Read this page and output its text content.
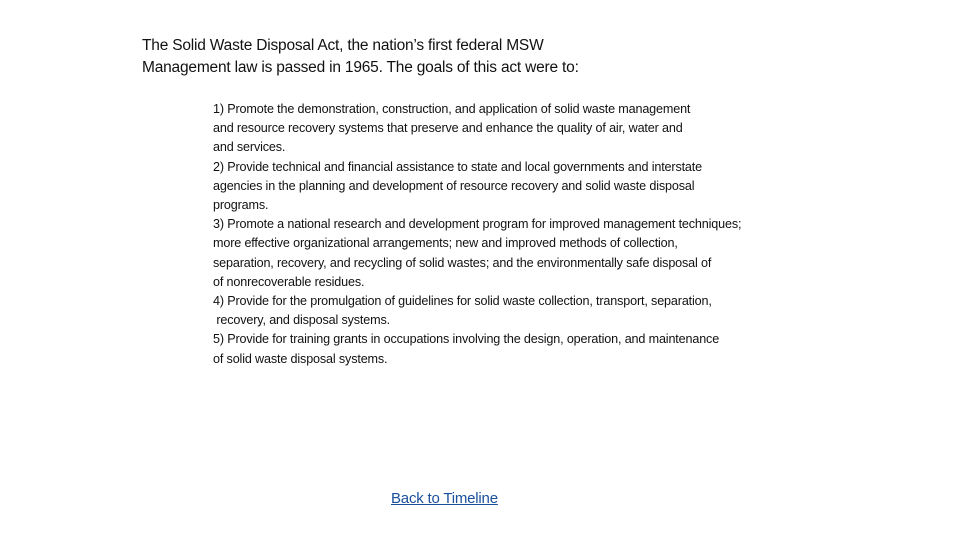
The Solid Waste Disposal Act, the nation’s first federal MSW
Management law is passed in 1965. The goals of this act were to:
1) Promote the demonstration, construction, and application of solid waste management
and resource recovery systems that preserve and enhance the quality of air, water and
and services.
2) Provide technical and financial assistance to state and local governments and interstate
agencies in the planning and development of resource recovery and solid waste disposal
programs.
3) Promote a national research and development program for improved management techniques;
more effective organizational arrangements; new and improved methods of collection,
separation, recovery, and recycling of solid wastes; and the environmentally safe disposal of
of nonrecoverable residues.
4) Provide for the promulgation of guidelines for solid waste collection, transport, separation,
recovery, and disposal systems.
5) Provide for training grants in occupations involving the design, operation, and maintenance
of solid waste disposal systems.
Back to Timeline
